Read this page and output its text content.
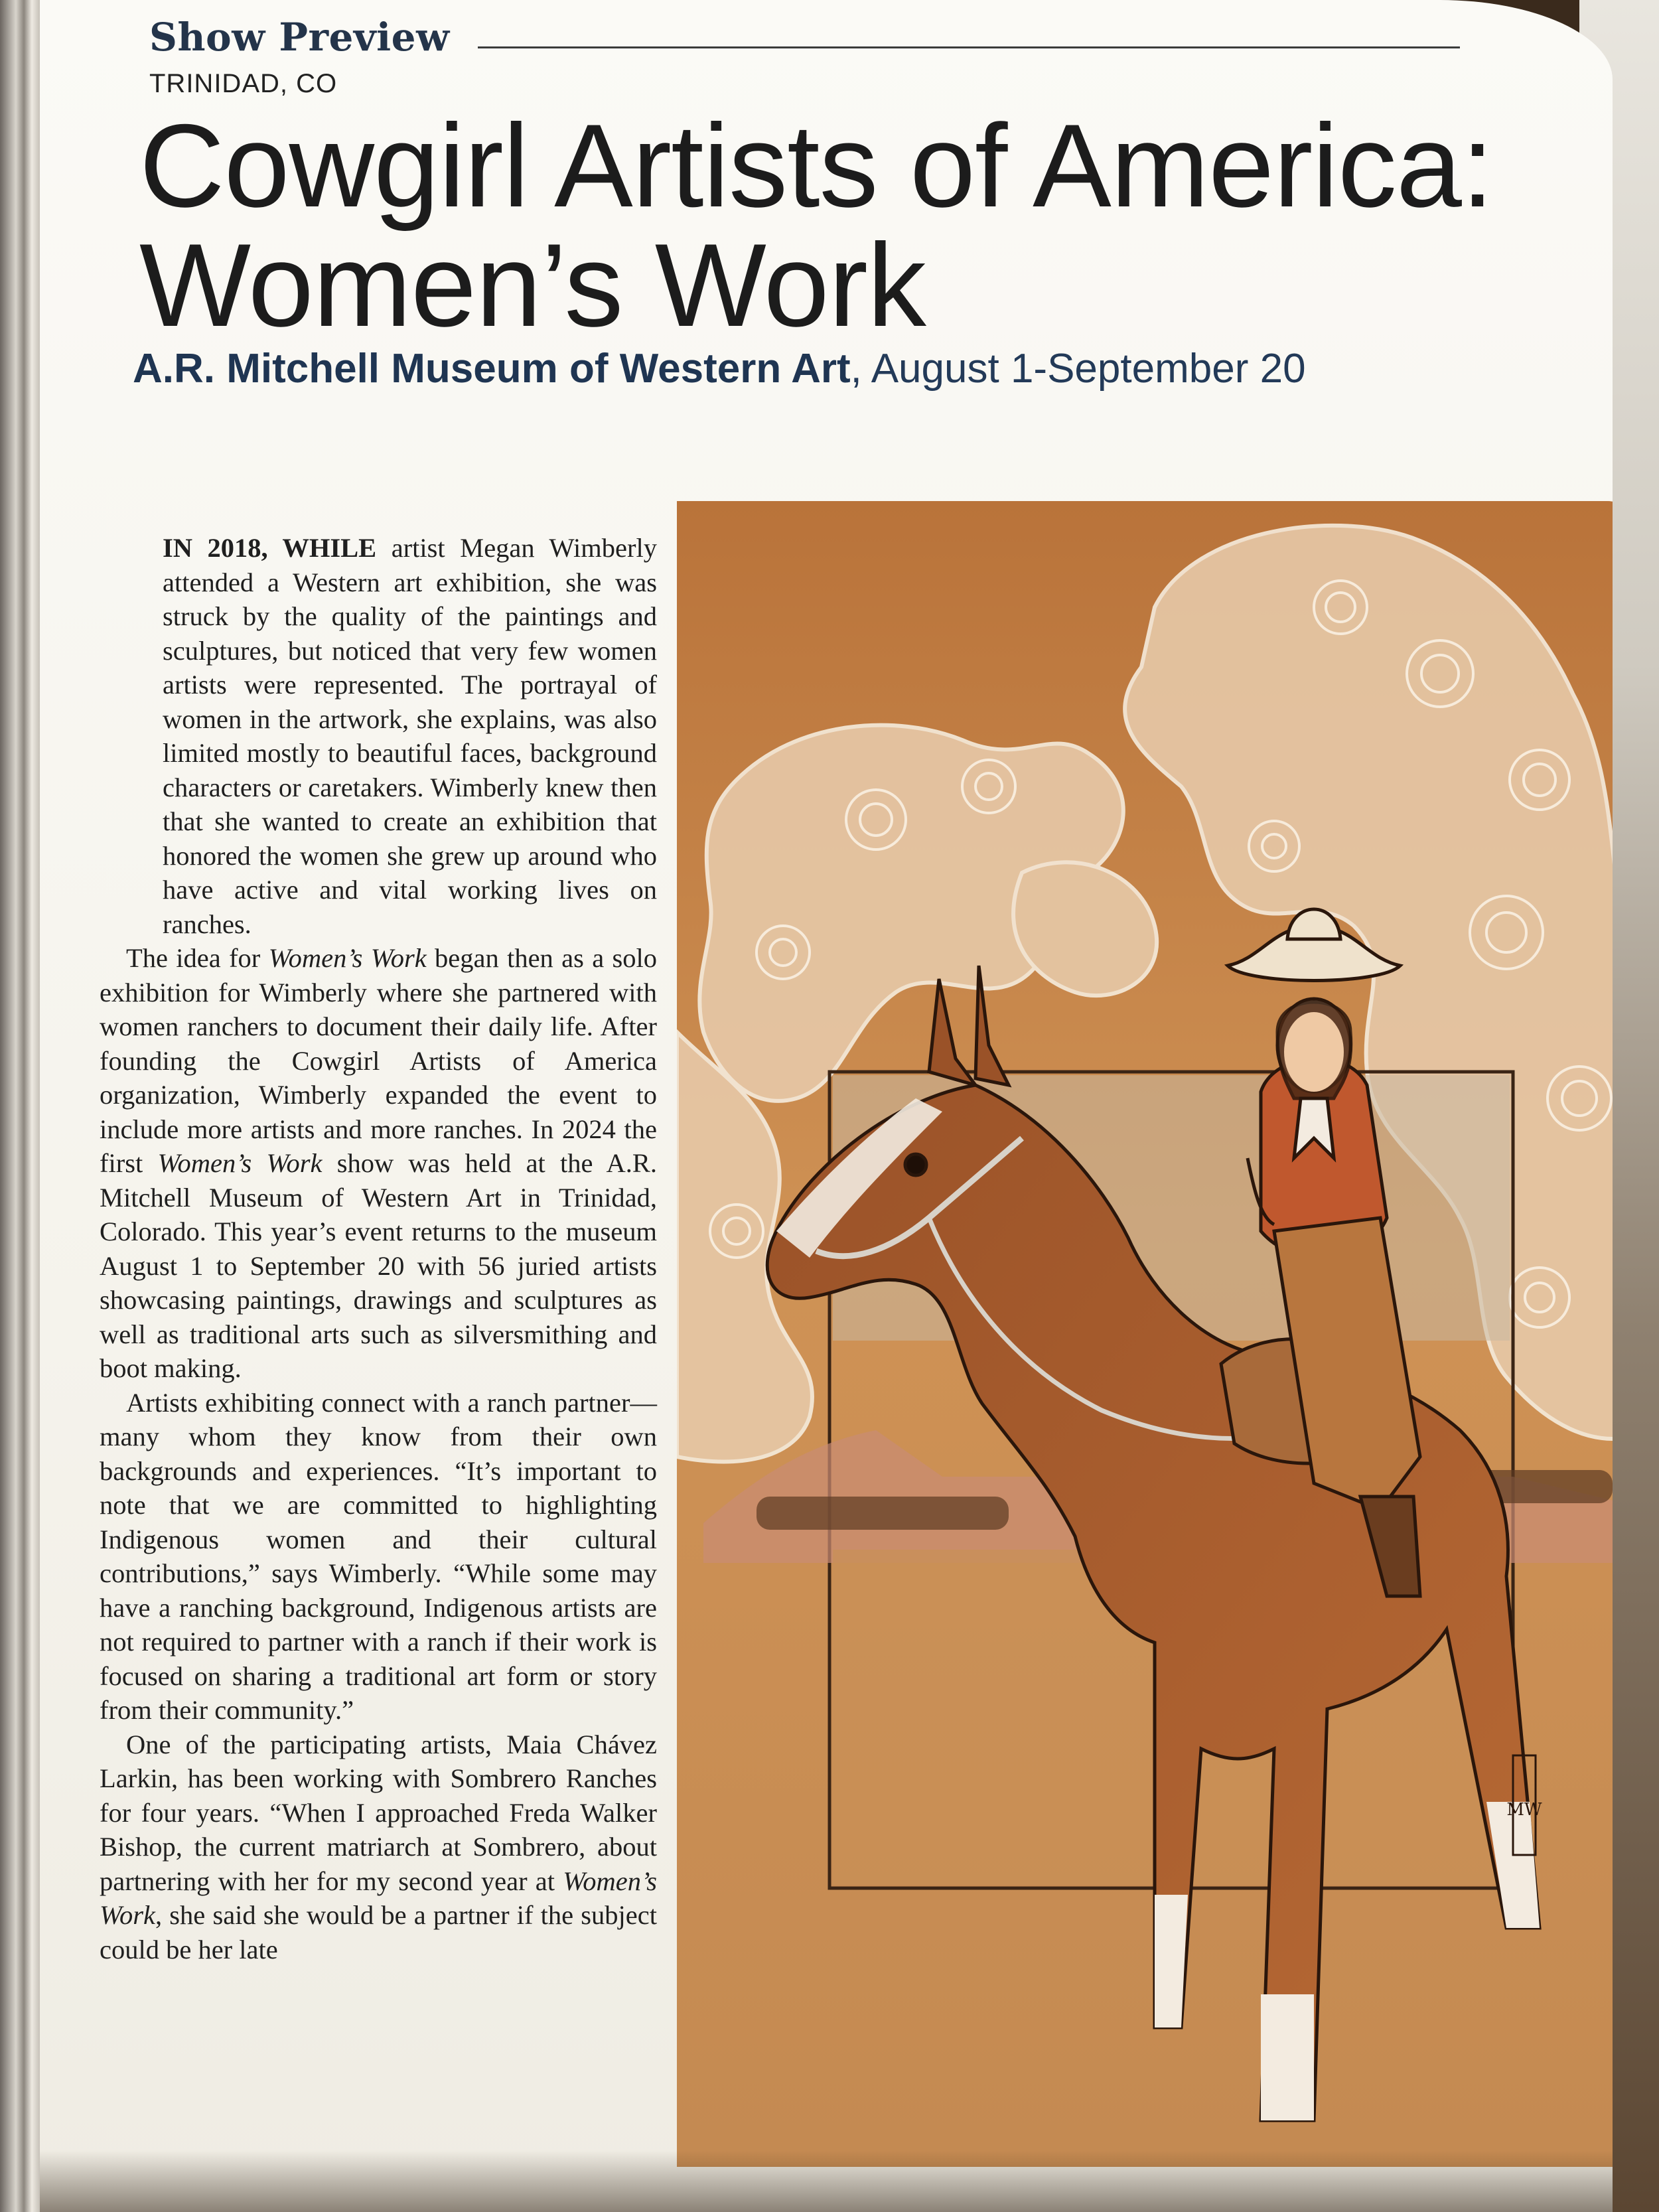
Show Preview
TRINIDAD, CO
Cowgirl Artists of America:
Women’s Work
A.R. Mitchell Museum of Western Art, August 1-September 20

IN 2018, WHILE artist Megan Wimberly attended a Western art exhibition, she was struck by the quality of the paintings and sculptures, but noticed that very few women artists were represented. The portrayal of women in the artwork, she explains, was also limited mostly to beautiful faces, background characters or caretakers. Wimberly knew then that she wanted to create an exhibition that honored the women she grew up around who have active and vital working lives on ranches.

The idea for Women’s Work began then as a solo exhibition for Wimberly where she partnered with women ranchers to document their daily life. After founding the Cowgirl Artists of America organization, Wimberly expanded the event to include more artists and more ranches. In 2024 the first Women’s Work show was held at the A.R. Mitchell Museum of Western Art in Trinidad, Colorado. This year’s event returns to the museum August 1 to September 20 with 56 juried artists showcasing paintings, drawings and sculptures as well as traditional arts such as silversmithing and boot making.

Artists exhibiting connect with a ranch partner—many whom they know from their own backgrounds and experiences. “It’s important to note that we are committed to highlighting Indigenous women and their cultural contributions,” says Wimberly. “While some may have a ranching background, Indigenous artists are not required to partner with a ranch if their work is focused on sharing a traditional art form or story from their community.”

One of the participating artists, Maia Chávez Larkin, has been working with Sombrero Ranches for four years. “When I approached Freda Walker Bishop, the current matriarch at Sombrero, about partnering with her for my second year at Women’s Work, she said she would be a partner if the subject could be her late

MW
